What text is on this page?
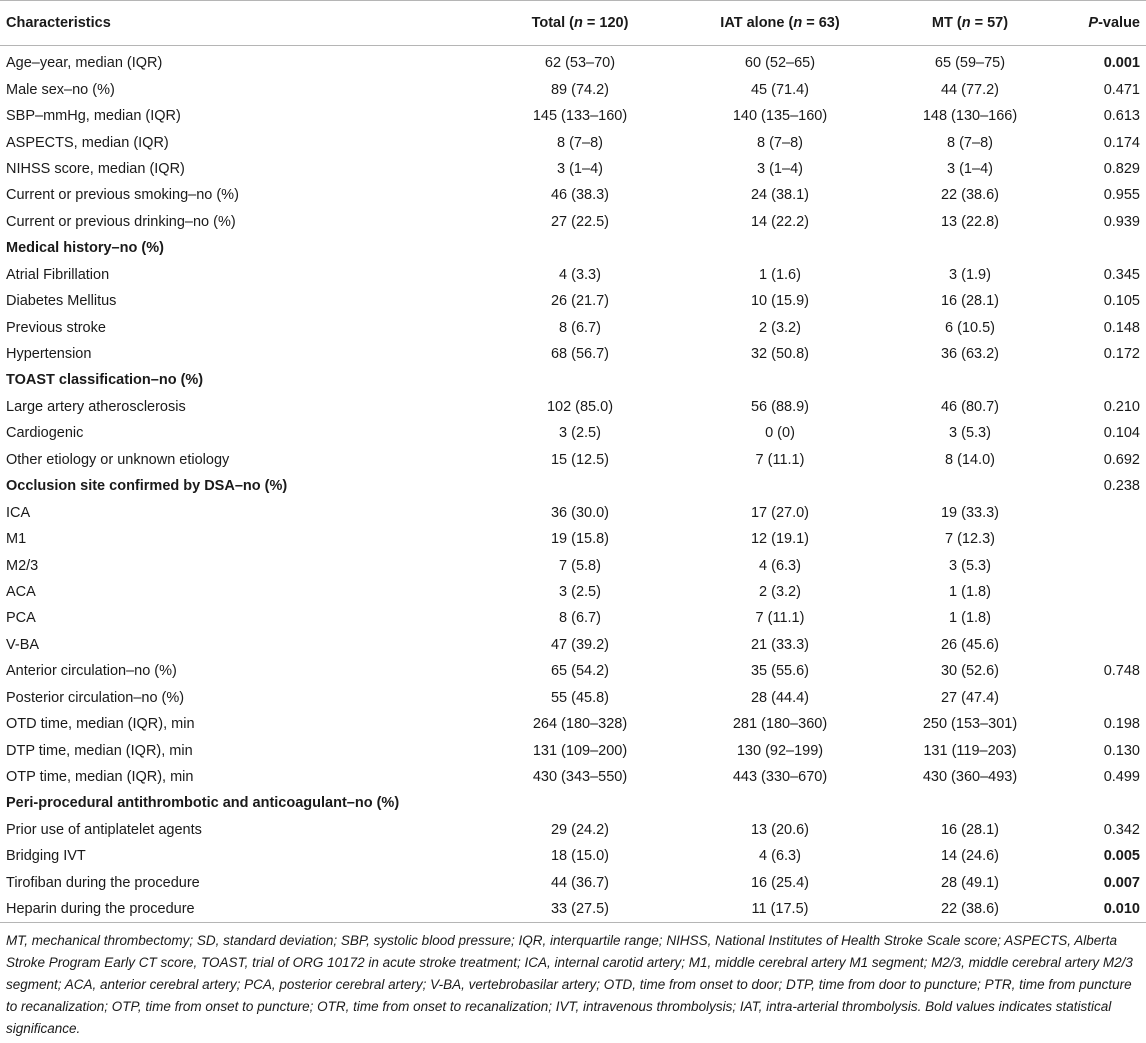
Characteristics	Total (n = 120)	IAT alone (n = 63)	MT (n = 57)	P-value
Age–year, median (IQR)	62 (53–70)	60 (52–65)	65 (59–75)	0.001
Male sex–no (%)	89 (74.2)	45 (71.4)	44 (77.2)	0.471
SBP–mmHg, median (IQR)	145 (133–160)	140 (135–160)	148 (130–166)	0.613
ASPECTS, median (IQR)	8 (7–8)	8 (7–8)	8 (7–8)	0.174
NIHSS score, median (IQR)	3 (1–4)	3 (1–4)	3 (1–4)	0.829
Current or previous smoking–no (%)	46 (38.3)	24 (38.1)	22 (38.6)	0.955
Current or previous drinking–no (%)	27 (22.5)	14 (22.2)	13 (22.8)	0.939
Medical history–no (%)				
Atrial Fibrillation	4 (3.3)	1 (1.6)	3 (1.9)	0.345
Diabetes Mellitus	26 (21.7)	10 (15.9)	16 (28.1)	0.105
Previous stroke	8 (6.7)	2 (3.2)	6 (10.5)	0.148
Hypertension	68 (56.7)	32 (50.8)	36 (63.2)	0.172
TOAST classification–no (%)				
Large artery atherosclerosis	102 (85.0)	56 (88.9)	46 (80.7)	0.210
Cardiogenic	3 (2.5)	0 (0)	3 (5.3)	0.104
Other etiology or unknown etiology	15 (12.5)	7 (11.1)	8 (14.0)	0.692
Occlusion site confirmed by DSA–no (%)				0.238
ICA	36 (30.0)	17 (27.0)	19 (33.3)	
M1	19 (15.8)	12 (19.1)	7 (12.3)	
M2/3	7 (5.8)	4 (6.3)	3 (5.3)	
ACA	3 (2.5)	2 (3.2)	1 (1.8)	
PCA	8 (6.7)	7 (11.1)	1 (1.8)	
V-BA	47 (39.2)	21 (33.3)	26 (45.6)	
Anterior circulation–no (%)	65 (54.2)	35 (55.6)	30 (52.6)	0.748
Posterior circulation–no (%)	55 (45.8)	28 (44.4)	27 (47.4)	
OTD time, median (IQR), min	264 (180–328)	281 (180–360)	250 (153–301)	0.198
DTP time, median (IQR), min	131 (109–200)	130 (92–199)	131 (119–203)	0.130
OTP time, median (IQR), min	430 (343–550)	443 (330–670)	430 (360–493)	0.499
Peri-procedural antithrombotic and anticoagulant–no (%)				
Prior use of antiplatelet agents	29 (24.2)	13 (20.6)	16 (28.1)	0.342
Bridging IVT	18 (15.0)	4 (6.3)	14 (24.6)	0.005
Tirofiban during the procedure	44 (36.7)	16 (25.4)	28 (49.1)	0.007
Heparin during the procedure	33 (27.5)	11 (17.5)	22 (38.6)	0.010
MT, mechanical thrombectomy; SD, standard deviation; SBP, systolic blood pressure; IQR, interquartile range; NIHSS, National Institutes of Health Stroke Scale score; ASPECTS, Alberta Stroke Program Early CT score, TOAST, trial of ORG 10172 in acute stroke treatment; ICA, internal carotid artery; M1, middle cerebral artery M1 segment; M2/3, middle cerebral artery M2/3 segment; ACA, anterior cerebral artery; PCA, posterior cerebral artery; V-BA, vertebrobasilar artery; OTD, time from onset to door; DTP, time from door to puncture; PTR, time from puncture to recanalization; OTP, time from onset to puncture; OTR, time from onset to recanalization; IVT, intravenous thrombolysis; IAT, intra-arterial thrombolysis. Bold values indicates statistical significance.
